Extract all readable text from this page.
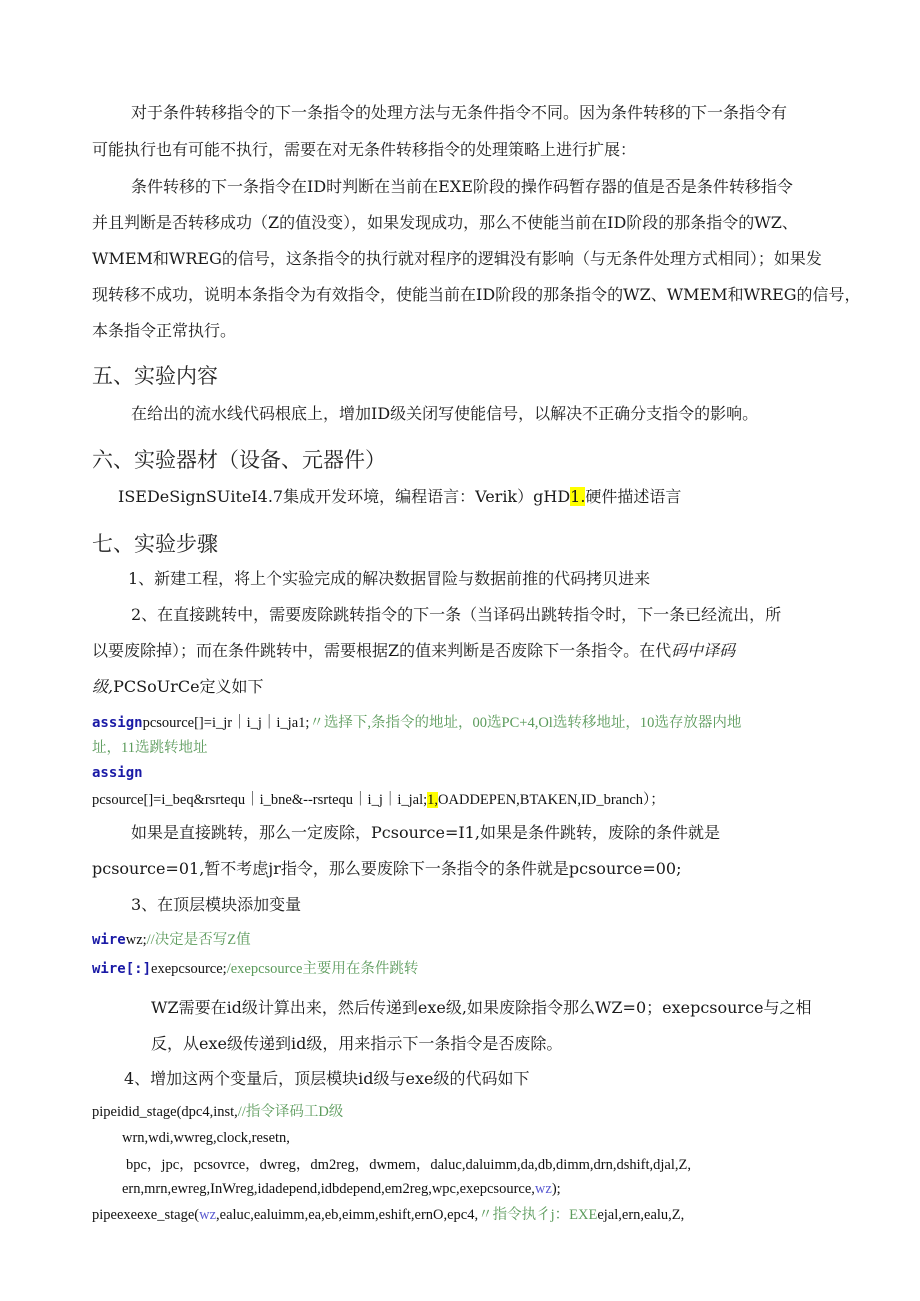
对于条件转移指令的下一条指令的处理方法与无条件指令不同。因为条件转移的下一条指令有
可能执行也有可能不执行，需要在对无条件转移指令的处理策略上进行扩展：
条件转移的下一条指令在ID时判断在当前在EXE阶段的操作码暂存器的值是否是条件转移指令
并且判断是否转移成功（Z的值没变），如果发现成功，那么不使能当前在ID阶段的那条指令的WZ、
WMEM和WREG的信号，这条指令的执行就对程序的逻辑没有影响（与无条件处理方式相同）；如果发
现转移不成功，说明本条指令为有效指令，使能当前在ID阶段的那条指令的WZ、WMEM和WREG的信号，
本条指令正常执行。
五、实验内容
在给出的流水线代码根底上，增加ID级关闭写使能信号，以解决不正确分支指令的影响。
六、实验器材（设备、元器件）
ISEDeSignSUiteI4.7集成开发环境，编程语言：Verik）gHD1.硬件描述语言
七、实验步骤
1、新建工程，将上个实验完成的解决数据冒险与数据前推的代码拷贝进来
2、在直接跳转中，需要废除跳转指令的下一条（当译码出跳转指令时，下一条已经流出，所
以要废除掉）；而在条件跳转中，需要根据Z的值来判断是否废除下一条指令。在代码中译码
级,PCSoUrCe定义如下
assignpcsource[]=i_jr｜i_j｜i_ja1;〃选择下,条指令的地址，00选PC+4,Ol选转移地址，10选存放器内地
址，11选跳转地址
assign
pcsource[]=i_beq&rsrtequ｜i_bne&--rsrtequ｜i_j｜i_jal;1,OADDEPEN,BTAKEN,ID_branch）；
如果是直接跳转，那么一定废除，Pcsource=I1,如果是条件跳转，废除的条件就是
pcsource=01,暂不考虑jr指令，那么要废除下一条指令的条件就是pcsource=00;
3、在顶层模块添加变量
wirewz;//决定是否写Z值
wire[:]exepcsource;/exepcsource主要用在条件跳转
WZ需要在id级计算出来，然后传递到exe级,如果废除指令那么WZ=0；exepcsource与之相
反，从exe级传递到id级，用来指示下一条指令是否废除。
4、增加这两个变量后，顶层模块id级与exe级的代码如下
pipeidid_stage(dpc4,inst,//指令译码工D级
wrn,wdi,wwreg,clock,resetn,
bpc，jpc，pcsovrce，dwreg，dm2reg，dwmem，daluc,daluimm,da,db,dimm,drn,dshift,djal,Z,
ern,mrn,ewreg,InWreg,idadepend,idbdepend,em2reg,wpc,exepcsource,wz);
pipeexeexe_stage(wz,ealuc,ealuimm,ea,eb,eimm,eshift,ernO,epc4,〃指令执彳j：EXEejal,ern,ealu,Z,
